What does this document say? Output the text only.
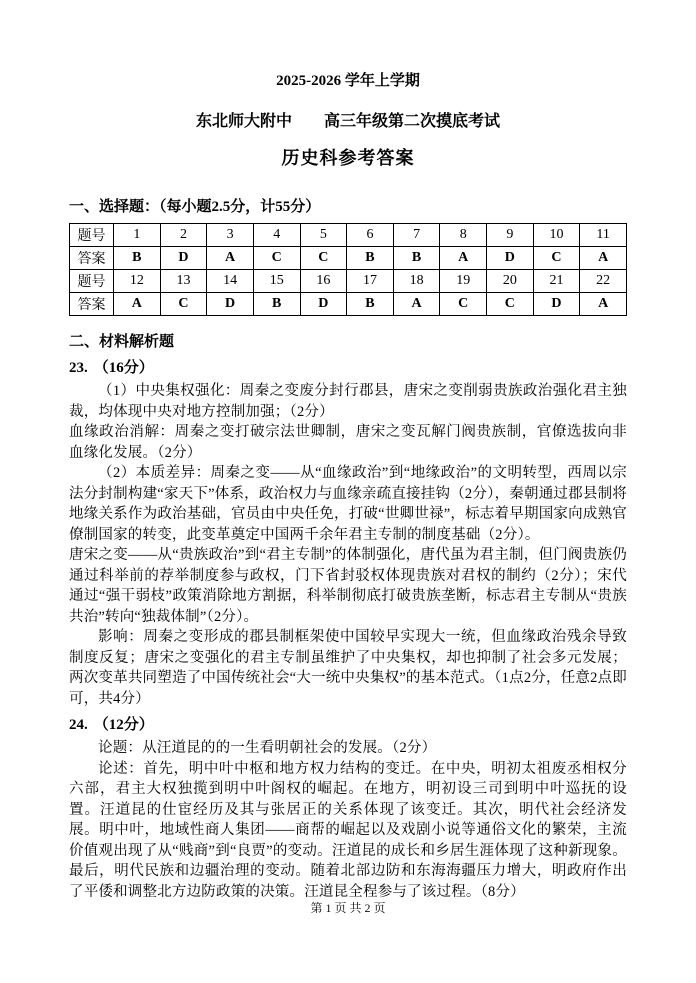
2025-2026 学年上学期
东北师大附中　　高三年级第二次摸底考试
历史科参考答案
一、选择题：（每小题2.5分，计55分）
题号	1	2	3	4	5	6	7	8	9	10	11
答案	B	D	A	C	C	B	B	A	D	C	A
题号	12	13	14	15	16	17	18	19	20	21	22
答案	A	C	D	B	D	B	A	C	C	D	A
二、材料解析题
23. （16分）

（1）中央集权强化：周秦之变废分封行郡县，唐宋之变削弱贵族政治强化君主独裁，均体现中央对地方控制加强；（2分）

血缘政治消解：周秦之变打破宗法世卿制，唐宋之变瓦解门阀贵族制，官僚选拔向非血缘化发展。（2分）

（2）本质差异：周秦之变——从“血缘政治”到“地缘政治”的文明转型，西周以宗法分封制构建“家天下”体系，政治权力与血缘亲疏直接挂钩（2分），秦朝通过郡县制将地缘关系作为政治基础，官员由中央任免，打破“世卿世禄”，标志着早期国家向成熟官僚制国家的转变，此变革奠定中国两千余年君主专制的制度基础（2分）。

唐宋之变——从“贵族政治”到“君主专制”的体制强化，唐代虽为君主制，但门阀贵族仍通过科举前的荐举制度参与政权，门下省封驳权体现贵族对君权的制约（2分）；宋代通过“强干弱枝”政策消除地方割据，科举制彻底打破贵族垄断，标志君主专制从“贵族共治”转向“独裁体制”（2分）。

影响：周秦之变形成的郡县制框架使中国较早实现大一统，但血缘政治残余导致制度反复；唐宋之变强化的君主专制虽维护了中央集权，却也抑制了社会多元发展；两次变革共同塑造了中国传统社会“大一统中央集权”的基本范式。（1点2分，任意2点即可，共4分）

24. （12分）

论题：从汪道昆的的一生看明朝社会的发展。（2分）

论述：首先，明中叶中枢和地方权力结构的变迁。在中央，明初太祖废丞相权分六部，君主大权独揽到明中叶阁权的崛起。在地方，明初设三司到明中叶巡抚的设置。汪道昆的仕宦经历及其与张居正的关系体现了该变迁。其次，明代社会经济发展。明中叶，地域性商人集团——商帮的崛起以及戏剧小说等通俗文化的繁荣，主流价值观出现了从“贱商”到“良贾”的变动。汪道昆的成长和乡居生涯体现了这种新现象。最后，明代民族和边疆治理的变动。随着北部边防和东海海疆压力增大，明政府作出了平倭和调整北方边防政策的决策。汪道昆全程参与了该过程。（8分）

第 1 页 共 2 页
